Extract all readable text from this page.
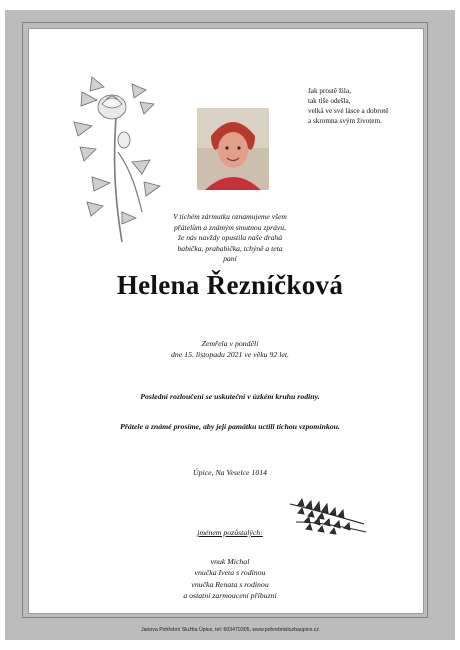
Jak prostě žila,
tak tiše odešla,
velká ve své lásce a dobrotě
a skromna svým životem.
V tichém zármutku oznamujeme všem
přátelům a známým smutnou zprávu,
že nás navždy opustila naše drahá
babička, prababička, tchýně a teta
paní
Helena Řezníčková
Zemřela v pondělí
dne 15. listopadu 2021 ve věku 92 let.
Poslední rozloučení se uskuteční v úzkém kruhu rodiny.
Přátele a známé prosíme, aby její památku uctili tichou vzpomínkou.
Úpice, Na Veselce 1014
jménem pozůstalých:
vnuk Michal
vnučka Iveta s rodinou
vnučka Renata s rodinou
a ostatní zarmoucení příbuzní
Janova Pohřební Služba Úpice, tel: 603470305, www.pohrebnisluzbaupice.cz
